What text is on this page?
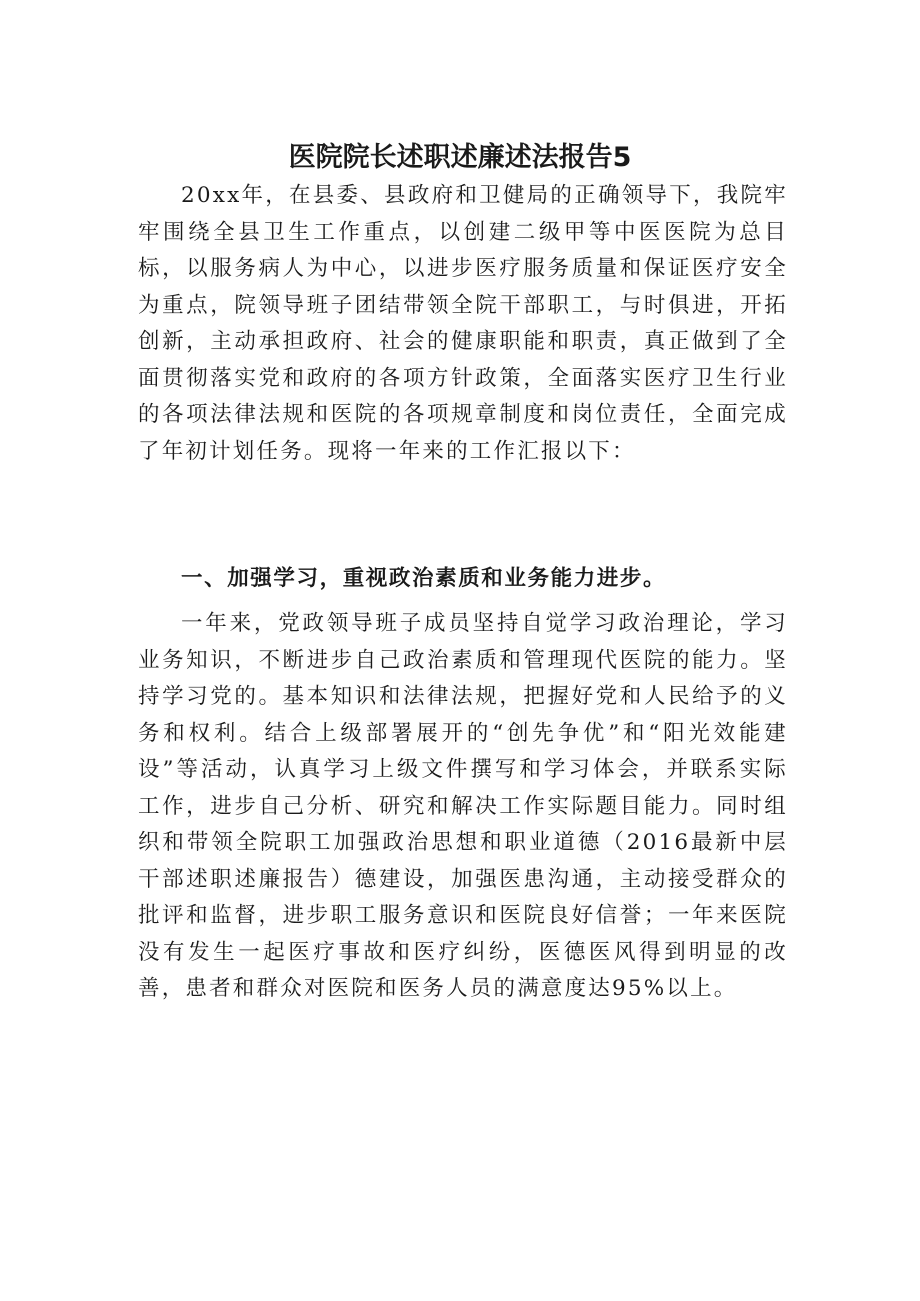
医院院长述职述廉述法报告5

20xx年，在县委、县政府和卫健局的正确领导下，我院牢牢围绕全县卫生工作重点，以创建二级甲等中医医院为总目标，以服务病人为中心，以进步医疗服务质量和保证医疗安全为重点，院领导班子团结带领全院干部职工，与时俱进，开拓创新，主动承担政府、社会的健康职能和职责，真正做到了全面贯彻落实党和政府的各项方针政策，全面落实医疗卫生行业的各项法律法规和医院的各项规章制度和岗位责任，全面完成了年初计划任务。现将一年来的工作汇报以下：

一、加强学习，重视政治素质和业务能力进步。

一年来，党政领导班子成员坚持自觉学习政治理论，学习业务知识，不断进步自己政治素质和管理现代医院的能力。坚持学习党的。基本知识和法律法规，把握好党和人民给予的义务和权利。结合上级部署展开的“创先争优”和“阳光效能建设”等活动，认真学习上级文件撰写和学习体会，并联系实际工作，进步自己分析、研究和解决工作实际题目能力。同时组织和带领全院职工加强政治思想和职业道德（2016最新中层干部述职述廉报告）德建设，加强医患沟通，主动接受群众的批评和监督，进步职工服务意识和医院良好信誉；一年来医院没有发生一起医疗事故和医疗纠纷，医德医风得到明显的改善，患者和群众对医院和医务人员的满意度达95%以上。
